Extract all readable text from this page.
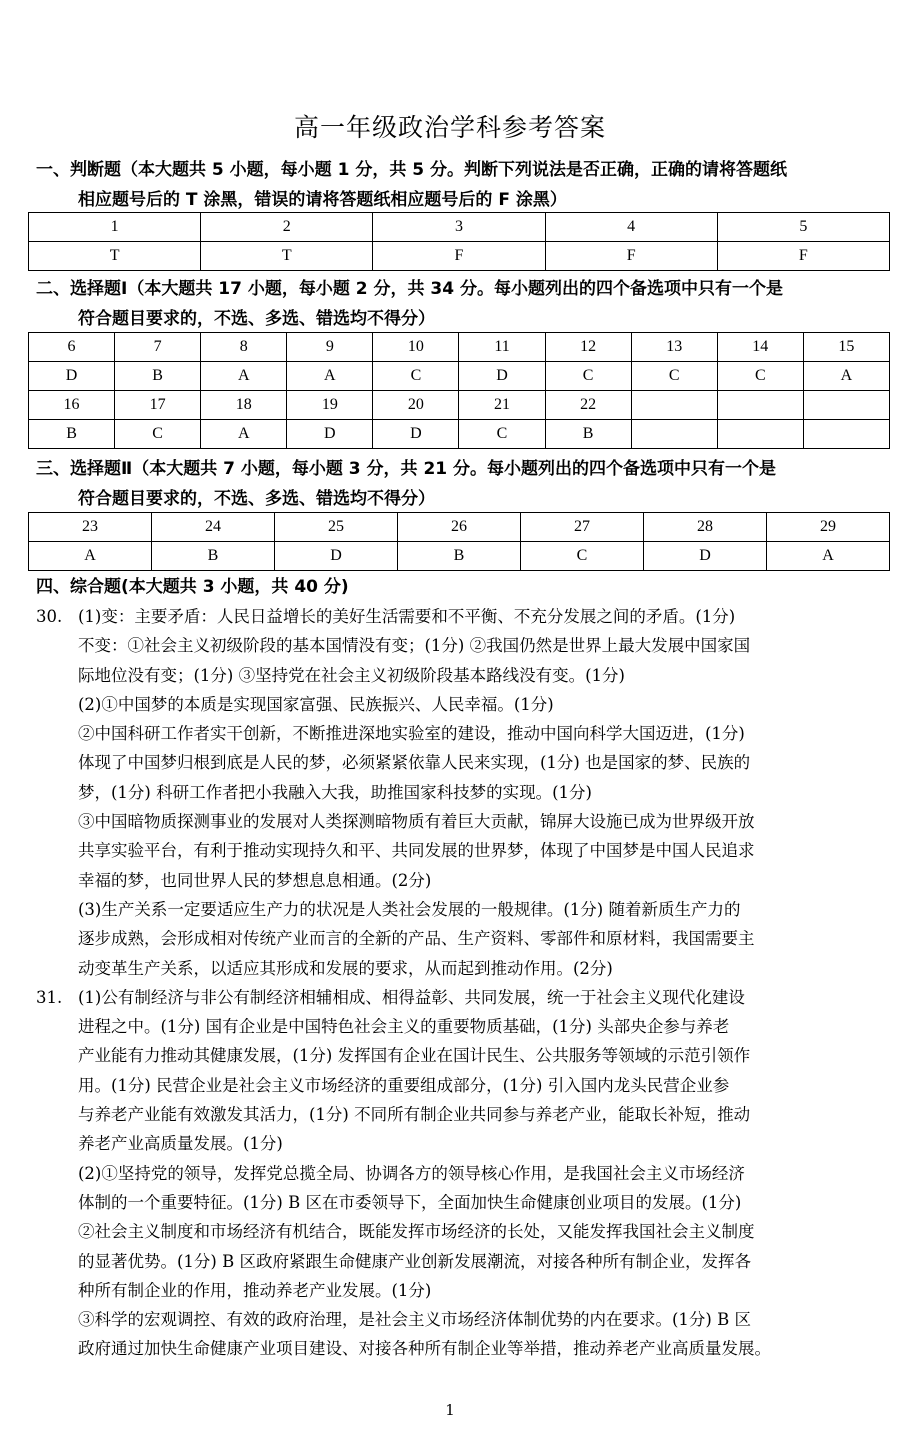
高一年级政治学科参考答案
一、判断题（本大题共 5 小题，每小题 1 分，共 5 分。判断下列说法是否正确，正确的请将答题纸
相应题号后的 T 涂黑，错误的请将答题纸相应题号后的 F 涂黑）
1	2	3	4	5
T	T	F	F	F
二、选择题Ⅰ（本大题共 17 小题，每小题 2 分，共 34 分。每小题列出的四个备选项中只有一个是
符合题目要求的，不选、多选、错选均不得分）
6	7	8	9	10	11	12	13	14	15
D	B	A	A	C	D	C	C	C	A
16	17	18	19	20	21	22			
B	C	A	D	D	C	B			
三、选择题Ⅱ（本大题共 7 小题，每小题 3 分，共 21 分。每小题列出的四个备选项中只有一个是
符合题目要求的，不选、多选、错选均不得分）
23	24	25	26	27	28	29
A	B	D	B	C	D	A
四、综合题(本大题共 3 小题，共 40 分)
30. (1)变：主要矛盾：人民日益增长的美好生活需要和不平衡、不充分发展之间的矛盾。(1分)
不变：①社会主义初级阶段的基本国情没有变；(1分) ②我国仍然是世界上最大发展中国家国
际地位没有变；(1分) ③坚持党在社会主义初级阶段基本路线没有变。(1分)
(2)①中国梦的本质是实现国家富强、民族振兴、人民幸福。(1分)
②中国科研工作者实干创新，不断推进深地实验室的建设，推动中国向科学大国迈进，(1分)
体现了中国梦归根到底是人民的梦，必须紧紧依靠人民来实现，(1分) 也是国家的梦、民族的
梦，(1分) 科研工作者把小我融入大我，助推国家科技梦的实现。(1分)
③中国暗物质探测事业的发展对人类探测暗物质有着巨大贡献，锦屏大设施已成为世界级开放
共享实验平台，有利于推动实现持久和平、共同发展的世界梦，体现了中国梦是中国人民追求
幸福的梦，也同世界人民的梦想息息相通。(2分)
(3)生产关系一定要适应生产力的状况是人类社会发展的一般规律。(1分) 随着新质生产力的
逐步成熟，会形成相对传统产业而言的全新的产品、生产资料、零部件和原材料，我国需要主
动变革生产关系，以适应其形成和发展的要求，从而起到推动作用。(2分)
31. (1)公有制经济与非公有制经济相辅相成、相得益彰、共同发展，统一于社会主义现代化建设
进程之中。(1分) 国有企业是中国特色社会主义的重要物质基础，(1分) 头部央企参与养老
产业能有力推动其健康发展，(1分) 发挥国有企业在国计民生、公共服务等领域的示范引领作
用。(1分) 民营企业是社会主义市场经济的重要组成部分，(1分) 引入国内龙头民营企业参
与养老产业能有效激发其活力，(1分) 不同所有制企业共同参与养老产业，能取长补短，推动
养老产业高质量发展。(1分)
(2)①坚持党的领导，发挥党总揽全局、协调各方的领导核心作用，是我国社会主义市场经济
体制的一个重要特征。(1分) B 区在市委领导下，全面加快生命健康创业项目的发展。(1分)
②社会主义制度和市场经济有机结合，既能发挥市场经济的长处，又能发挥我国社会主义制度
的显著优势。(1分) B 区政府紧跟生命健康产业创新发展潮流，对接各种所有制企业，发挥各
种所有制企业的作用，推动养老产业发展。(1分)
③科学的宏观调控、有效的政府治理，是社会主义市场经济体制优势的内在要求。(1分) B 区
政府通过加快生命健康产业项目建设、对接各种所有制企业等举措，推动养老产业高质量发展。
1
